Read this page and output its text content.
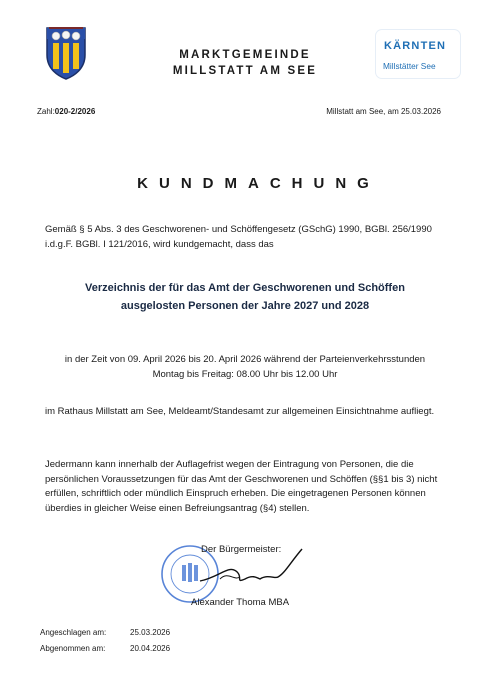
MARKTGEMEINDE
MILLSTATT AM SEE
KÄRNTEN
Millstätter See
Zahl:020-2/2026	Millstatt am See, am 25.03.2026
KUNDMACHUNG
Gemäß § 5 Abs. 3 des Geschworenen- und Schöffengesetz (GSchG) 1990, BGBl. 256/1990 i.d.g.F. BGBl. I 121/2016, wird kundgemacht, dass das
Verzeichnis der für das Amt der Geschworenen und Schöffen
ausgelosten Personen der Jahre 2027 und 2028
in der Zeit von 09. April 2026 bis 20. April 2026 während der Parteienverkehrsstunden
Montag bis Freitag: 08.00 Uhr bis 12.00 Uhr
im Rathaus Millstatt am See, Meldeamt/Standesamt zur allgemeinen Einsichtnahme aufliegt.
Jedermann kann innerhalb der Auflagefrist wegen der Eintragung von Personen, die die persönlichen Voraussetzungen für das Amt der Geschworenen und Schöffen (§§1 bis 3) nicht erfüllen, schriftlich oder mündlich Einspruch erheben. Die eingetragenen Personen können überdies in gleicher Weise einen Befreiungsantrag (§4) stellen.
Der Bürgermeister:
Alexander Thoma MBA
Angeschlagen am:	25.03.2026
Abgenommen am:	20.04.2026
